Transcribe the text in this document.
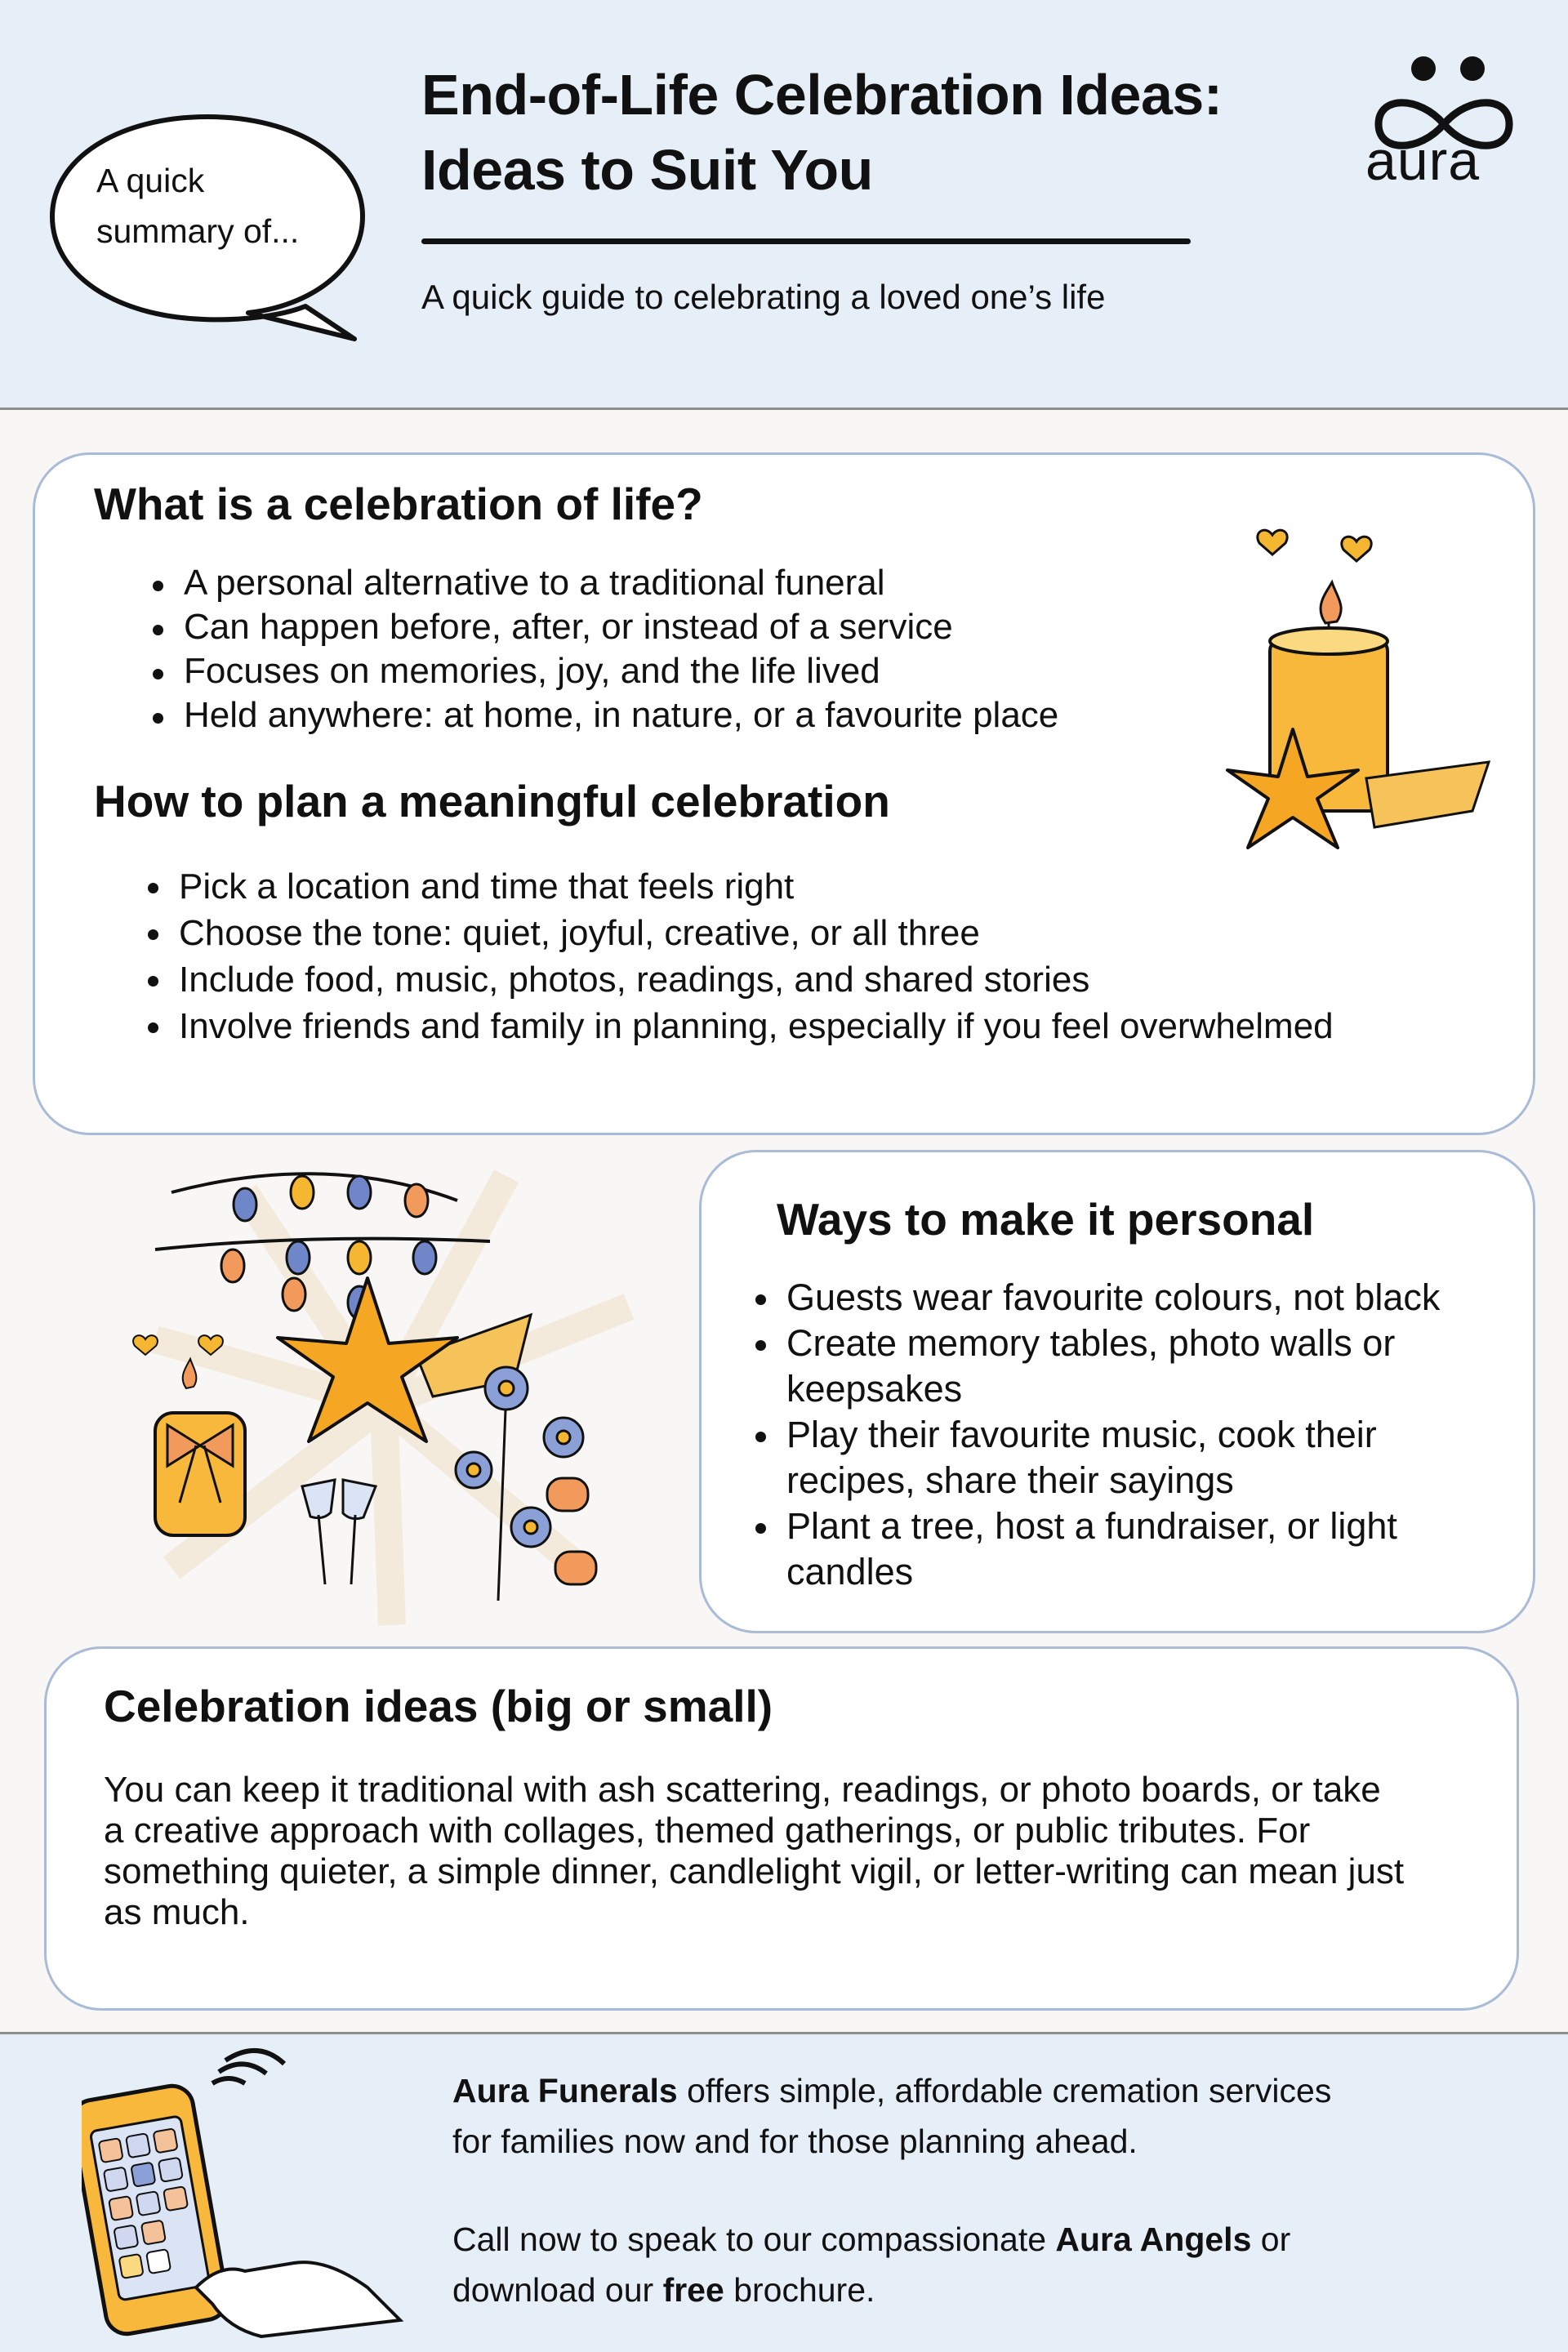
A quick
summary of...
End-of-Life Celebration Ideas:
Ideas to Suit You
A quick guide to celebrating a loved one’s life
aura
What is a celebration of life?
A personal alternative to a traditional funeral
Can happen before, after, or instead of a service
Focuses on memories, joy, and the life lived
Held anywhere: at home, in nature, or a favourite place
How to plan a meaningful celebration
Pick a location and time that feels right
Choose the tone: quiet, joyful, creative, or all three
Include food, music, photos, readings, and shared stories
Involve friends and family in planning, especially if you feel overwhelmed
Ways to make it personal
Guests wear favourite colours, not black
Create memory tables, photo walls or keepsakes
Play their favourite music, cook their recipes, share their sayings
Plant a tree, host a fundraiser, or light candles
Celebration ideas (big or small)

You can keep it traditional with ash scattering, readings, or photo boards, or take a creative approach with collages, themed gatherings, or public tributes. For something quieter, a simple dinner, candlelight vigil, or letter-writing can mean just as much.

Aura Funerals offers simple, affordable cremation services

for families now and for those planning ahead.

Call now to speak to our compassionate Aura Angels or

download our free brochure.
